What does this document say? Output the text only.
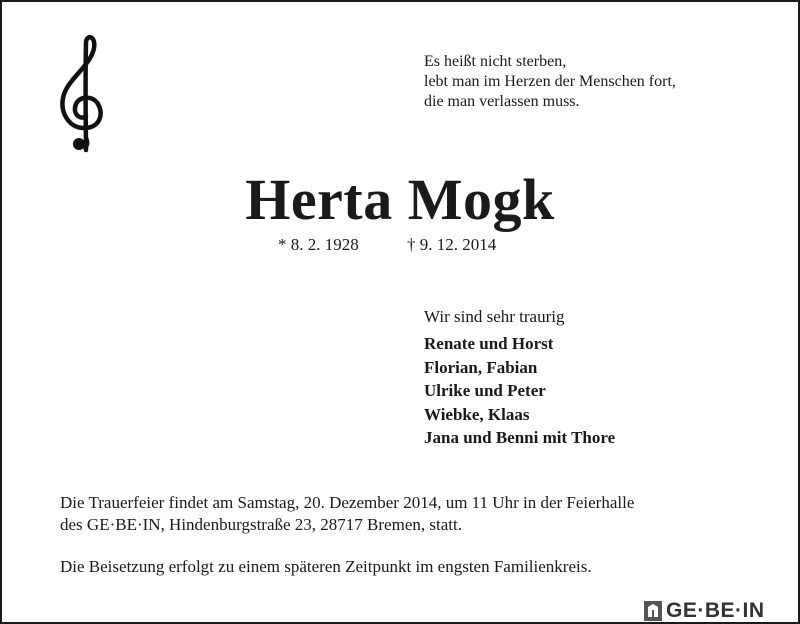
Es heißt nicht sterben,
lebt man im Herzen der Menschen fort,
die man verlassen muss.
Herta Mogk
* 8. 2. 1928	† 9. 12. 2014
Wir sind sehr traurig
Renate und Horst
Florian, Fabian
Ulrike und Peter
Wiebke, Klaas
Jana und Benni mit Thore
Die Trauerfeier findet am Samstag, 20. Dezember 2014, um 11 Uhr in der Feierhalle
des GE·BE·IN, Hindenburgstraße 23, 28717 Bremen, statt.
Die Beisetzung erfolgt zu einem späteren Zeitpunkt im engsten Familienkreis.
GE·BE·IN
